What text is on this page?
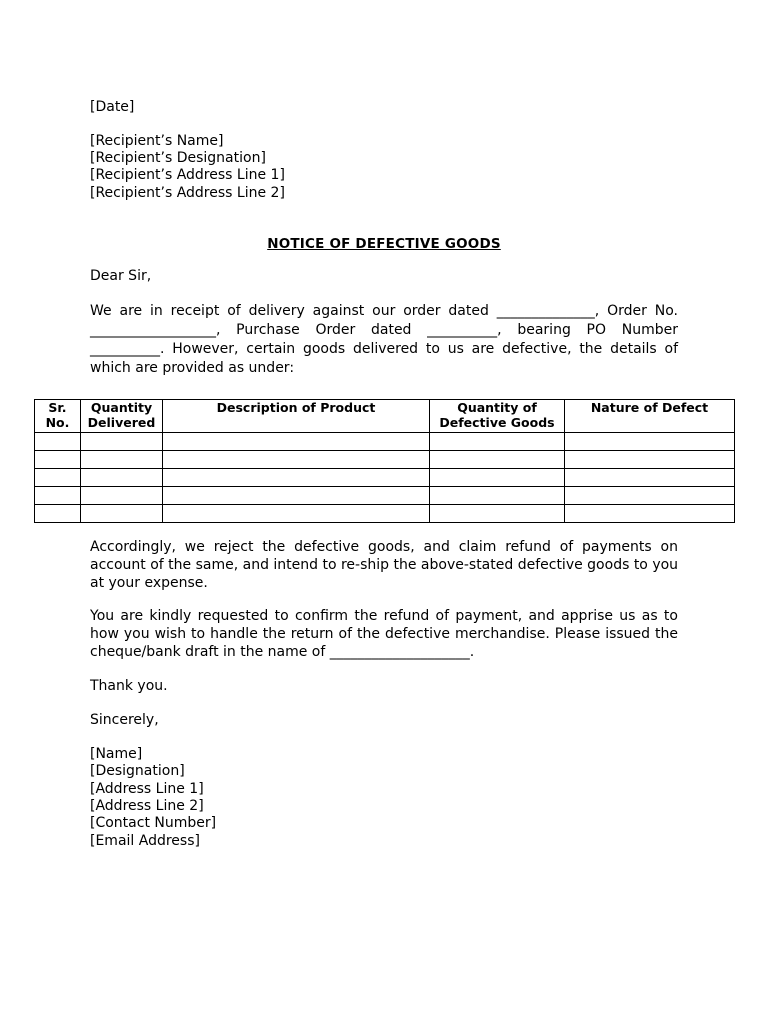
[Date]
[Recipient’s Name]
[Recipient’s Designation]
[Recipient’s Address Line 1]
[Recipient’s Address Line 2]
NOTICE OF DEFECTIVE GOODS
Dear Sir,
We are in receipt of delivery against our order dated ______________, Order No.
__________________, Purchase Order dated __________, bearing PO Number
__________. However, certain goods delivered to us are defective, the details of
which are provided as under:
Sr. No.	Quantity Delivered	Description of Product	Quantity of Defective Goods	Nature of Defect

Accordingly, we reject the defective goods, and claim refund of payments on
account of the same, and intend to re-ship the above-stated defective goods to you
at your expense.
You are kindly requested to confirm the refund of payment, and apprise us as to
how you wish to handle the return of the defective merchandise. Please issued the
cheque/bank draft in the name of ____________________.
Thank you.
Sincerely,
[Name]
[Designation]
[Address Line 1]
[Address Line 2]
[Contact Number]
[Email Address]
